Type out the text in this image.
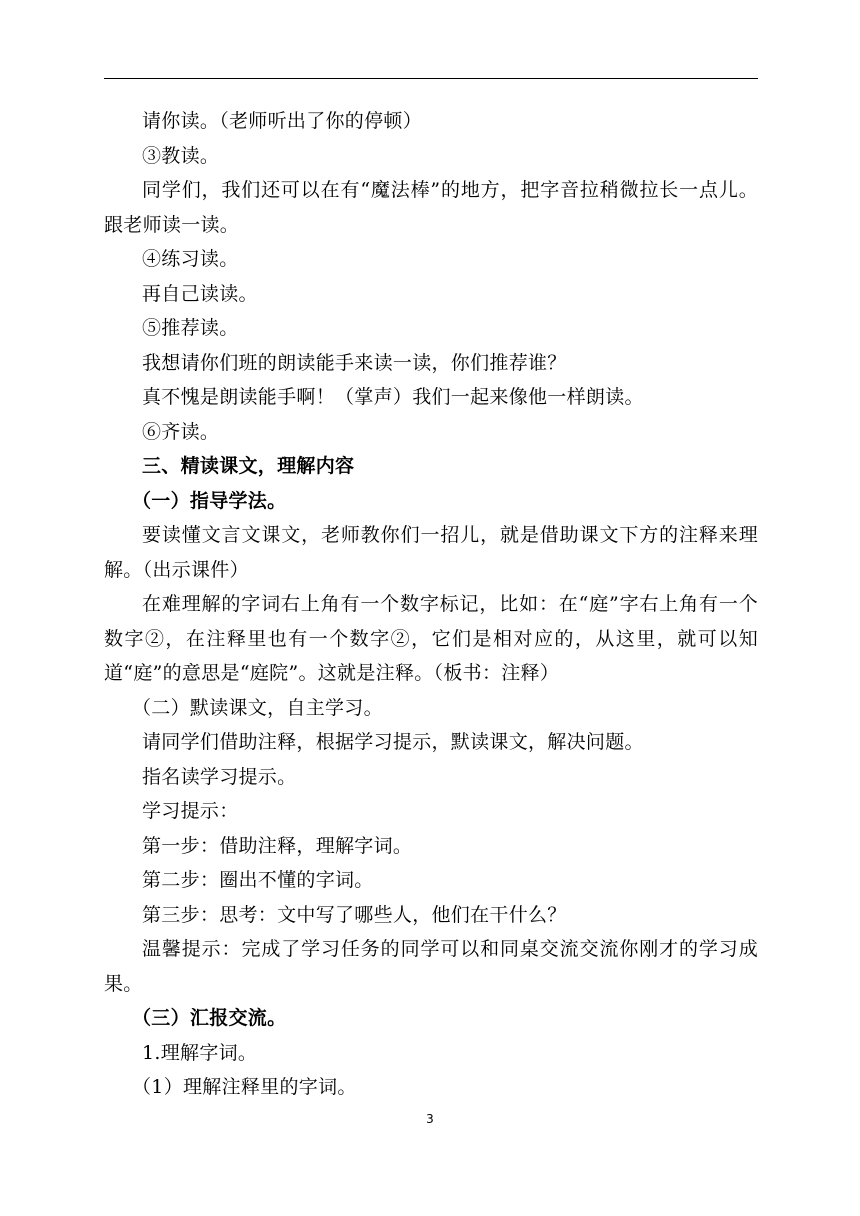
请你读。（老师听出了你的停顿）

③教读。

同学们，我们还可以在有“魔法棒”的地方，把字音拉稍微拉长一点儿。跟老师读一读。

④练习读。

再自己读读。

⑤推荐读。

我想请你们班的朗读能手来读一读，你们推荐谁？

真不愧是朗读能手啊！（掌声）我们一起来像他一样朗读。

⑥齐读。

三、精读课文，理解内容

（一）指导学法。

要读懂文言文课文，老师教你们一招儿，就是借助课文下方的注释来理解。（出示课件）

在难理解的字词右上角有一个数字标记，比如：在“庭”字右上角有一个数字②，在注释里也有一个数字②，它们是相对应的，从这里，就可以知道“庭”的意思是“庭院”。这就是注释。（板书：注释）

（二）默读课文，自主学习。

请同学们借助注释，根据学习提示，默读课文，解决问题。

指名读学习提示。

学习提示：

第一步：借助注释，理解字词。

第二步：圈出不懂的字词。

第三步：思考：文中写了哪些人，他们在干什么？

温馨提示：完成了学习任务的同学可以和同桌交流交流你刚才的学习成果。

（三）汇报交流。

1.理解字词。

（1）理解注释里的字词。

3
